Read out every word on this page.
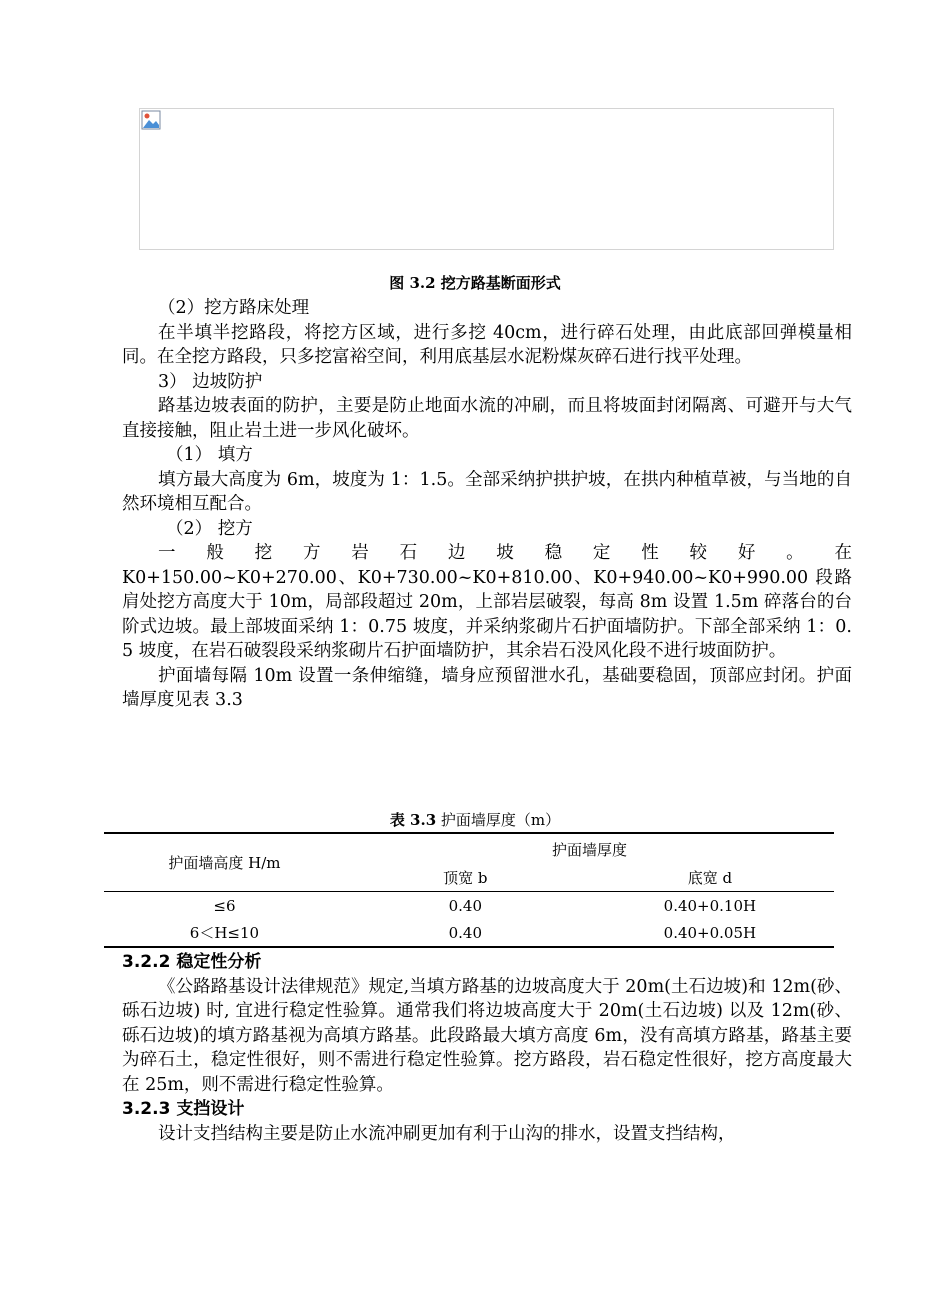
图 3.2 挖方路基断面形式

（2）挖方路床处理

在半填半挖路段，将挖方区域，进行多挖 40cm，进行碎石处理，由此底部回弹模量相同。在全挖方路段，只多挖富裕空间，利用底基层水泥粉煤灰碎石进行找平处理。

3） 边坡防护

路基边坡表面的防护，主要是防止地面水流的冲刷，而且将坡面封闭隔离、可避开与大气直接接触，阻止岩土进一步风化破坏。

（1） 填方

填方最大高度为 6m，坡度为 1：1.5。全部采纳护拱护坡，在拱内种植草被，与当地的自然环境相互配合。

（2） 挖方

一 般 挖 方 岩 石 边 坡 稳 定 性 较 好 。 在

K0+150.00~K0+270.00、K0+730.00~K0+810.00、K0+940.00~K0+990.00 段路肩处挖方高度大于 10m，局部段超过 20m，上部岩层破裂，每高 8m 设置 1.5m 碎落台的台阶式边坡。最上部坡面采纳 1：0.75 坡度，并采纳浆砌片石护面墙防护。下部全部采纳 1：0.5 坡度，在岩石破裂段采纳浆砌片石护面墙防护，其余岩石没风化段不进行坡面防护。

护面墙每隔 10m 设置一条伸缩缝，墙身应预留泄水孔，基础要稳固，顶部应封闭。护面墙厚度见表 3.3

表 3.3 护面墙厚度（m）
护面墙高度 H/m	护面墙厚度	
	顶宽 b	底宽 d
≤6	0.40	0.40+0.10H
6＜H≤10	0.40	0.40+0.05H

3.2.2 稳定性分析

《公路路基设计法律规范》规定,当填方路基的边坡高度大于 20m(土石边坡)和 12m(砂、砾石边坡) 时, 宜进行稳定性验算。通常我们将边坡高度大于 20m(土石边坡) 以及 12m(砂、砾石边坡)的填方路基视为高填方路基。此段路最大填方高度 6m，没有高填方路基，路基主要为碎石土，稳定性很好，则不需进行稳定性验算。挖方路段，岩石稳定性很好，挖方高度最大在 25m，则不需进行稳定性验算。

3.2.3 支挡设计

设计支挡结构主要是防止水流冲刷更加有利于山沟的排水，设置支挡结构，
